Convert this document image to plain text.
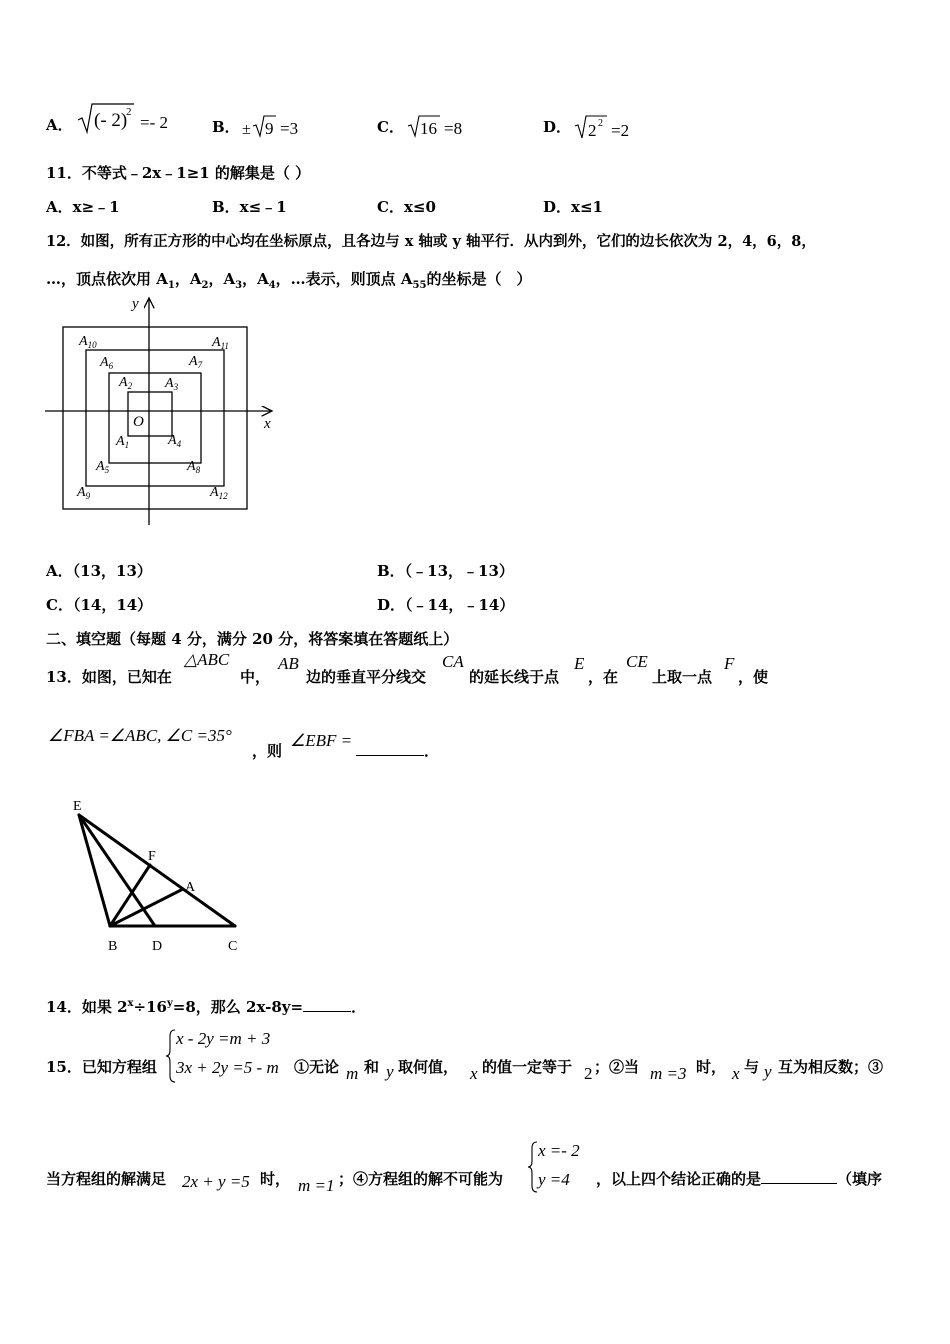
A． (- 2)
2
=- 2	B． ± 9 =3	C． 16 =8	D． 2 2 =2
11．不等式﹣2x﹣1≥1 的解集是（ ）
A．x≥﹣1	B．x≤﹣1	C．x≤0	D．x≤1
12．如图，所有正方形的中心均在坐标原点，且各边与 x 轴或 y 轴平行．从内到外，它们的边长依次为 2，4，6，8，
…，顶点依次用 $A_1$，$A_2$，$A_3$，$A_4$，…表示，则顶点 $A_{55}$的坐标是（　）
x
y
O
$A_1$
$A_2$ $A_3$
$A_4$
$A_5$
$A_6$	$A_7$
$A_8$
$A_9$
$A_{10}$	$A_{11}$
$A_{12}$
A．（13，13）	B．（﹣13，﹣13）
C．（14，14）	D．（﹣14，﹣14）
二、填空题（每题 4 分，满分 20 分，将答案填在答题纸上）
13．如图，已知在
△ABC
中，
AB
边的垂直平分线交
CA
的延长线于点
E
，在
CE
上取一点
F
，使
∠FBA =∠ABC, ∠C =35°
，则
∠EBF =
．
E
F
A
B D	C
14．如果 $2^x\div 16^y=8$，那么 2x-8y=	．
15．已知方程组
x - 2y =m + 3
3x + 2y =5 - m ①无论 m 和 y 取何值， x 的值一定等于 2 ；②当 m =3 时， x 与 y 互为相反数；③
当方程组的解满足 2x + y =5 时， m =1 ；④方程组的解不可能为
x =- 2
y =4 ，以上四个结论正确的是	（填序
